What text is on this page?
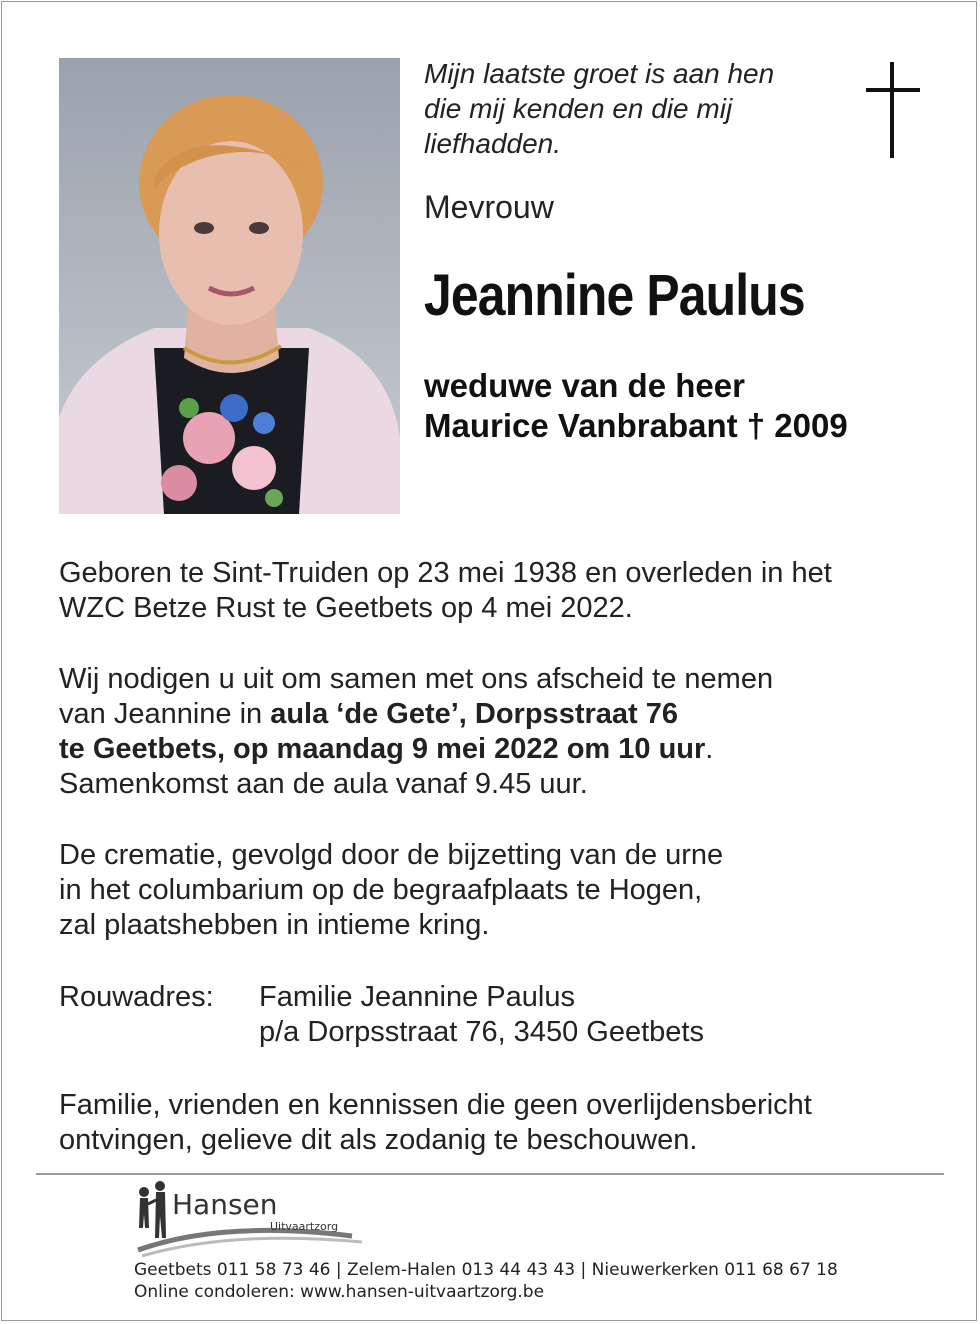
Mijn laatste groet is aan hen
die mij kenden en die mij
liefhadden.
Mevrouw
Jeannine Paulus
weduwe van de heer
Maurice Vanbrabant † 2009
Geboren te Sint-Truiden op 23 mei 1938 en overleden in het
WZC Betze Rust te Geetbets op 4 mei 2022.
Wij nodigen u uit om samen met ons afscheid te nemen
van Jeannine in aula ‘de Gete’, Dorpsstraat 76
te Geetbets, op maandag 9 mei 2022 om 10 uur.
Samenkomst aan de aula vanaf 9.45 uur.
De crematie, gevolgd door de bijzetting van de urne
in het columbarium op de begraafplaats te Hogen,
zal plaatshebben in intieme kring.
Rouwadres: Familie Jeannine Paulus
p/a Dorpsstraat 76, 3450 Geetbets
Familie, vrienden en kennissen die geen overlijdensbericht
ontvingen, gelieve dit als zodanig te beschouwen.
Hansen
Uitvaartzorg
Geetbets 011 58 73 46 | Zelem-Halen 013 44 43 43 | Nieuwerkerken 011 68 67 18
Online condoleren: www.hansen-uitvaartzorg.be
